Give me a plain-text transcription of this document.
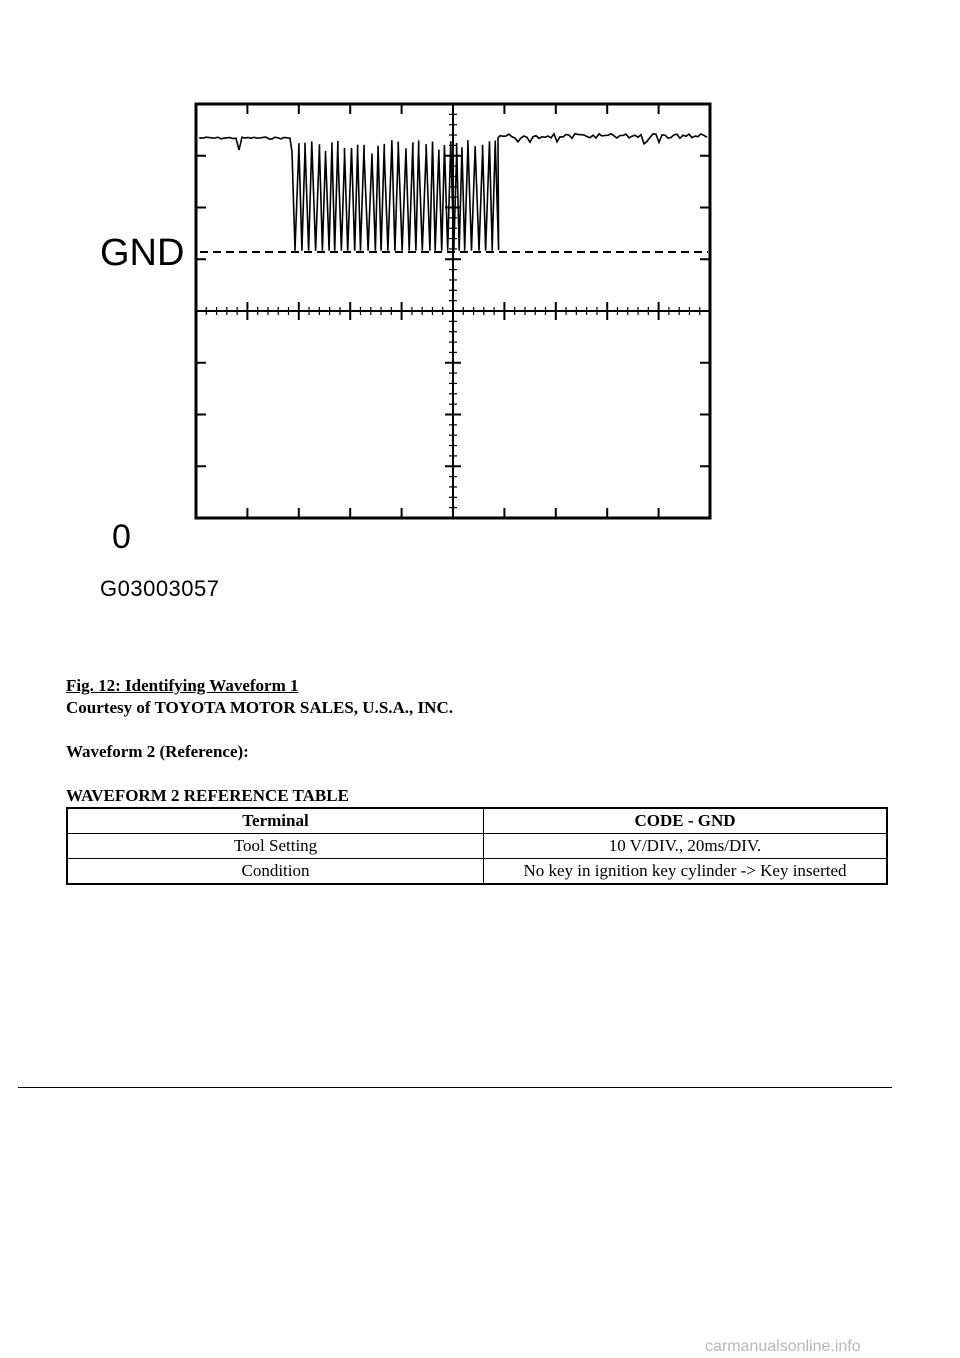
GND
0
G03003057

Fig. 12: Identifying Waveform 1

Courtesy of TOYOTA MOTOR SALES, U.S.A., INC.

Waveform 2 (Reference):

WAVEFORM 2 REFERENCE TABLE

Terminal	CODE - GND
Tool Setting	10 V/DIV., 20ms/DIV.
Condition	No key in ignition key cylinder -> Key inserted
carmanualsonline.info
